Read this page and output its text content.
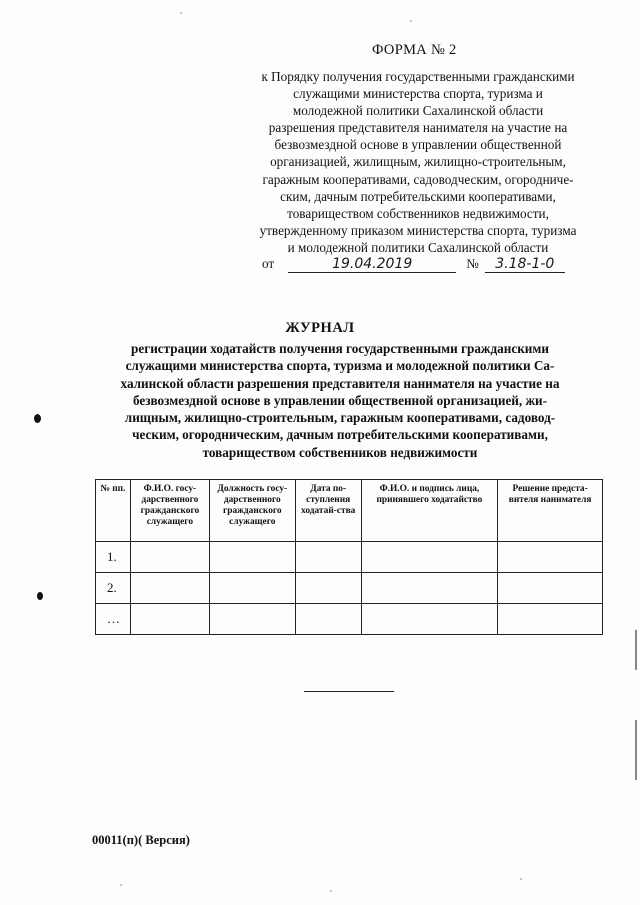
ФОРМА № 2
к Порядку получения государственными гражданскими
служащими министерства спорта, туризма и
молодежной политики Сахалинской области
разрешения представителя нанимателя на участие на
безвозмездной основе в управлении общественной
организацией, жилищным, жилищно-строительным,
гаражным кооперативами, садоводческим, огородниче-
ским, дачным потребительскими кооперативами,
товариществом собственников недвижимости,
утвержденному приказом министерства спорта, туризма
и молодежной политики Сахалинской области
от	19.04.2019	№ 3.18-1-0
ЖУРНАЛ
регистрации ходатайств получения государственными гражданскими
служащими министерства спорта, туризма и молодежной политики Са-
халинской области разрешения представителя нанимателя на участие на
безвозмездной основе в управлении общественной организацией, жи-
лищным, жилищно-строительным, гаражным кооперативами, садовод-
ческим, огородническим, дачным потребительскими кооперативами,
товариществом собственников недвижимости
№ пп.	Ф.И.О. госу-дарственного гражданского служащего	Должность госу-дарственного гражданского служащего	Дата по-ступления ходатай-ства	Ф.И.О. и подпись лица, принявшего ходатайство	Решение предста-вителя нанимателя
1.					
2.					
…					
00011(п)( Версия)
